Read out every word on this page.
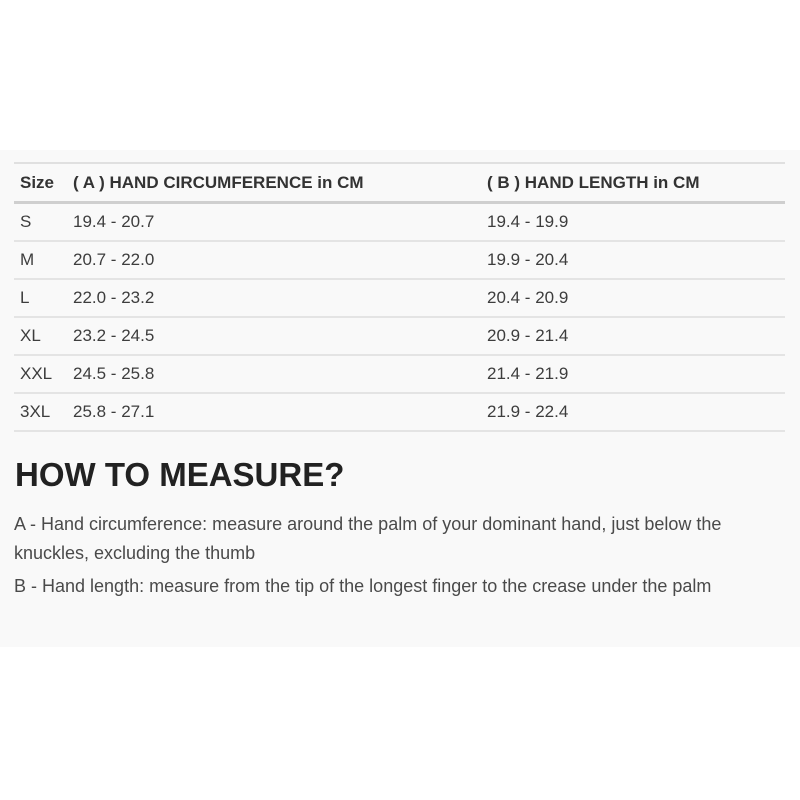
Size	( A ) HAND CIRCUMFERENCE in CM	( B ) HAND LENGTH in CM
S	19.4 - 20.7	19.4 - 19.9
M	20.7 - 22.0	19.9 - 20.4
L	22.0 - 23.2	20.4 - 20.9
XL	23.2 - 24.5	20.9 - 21.4
XXL	24.5 - 25.8	21.4 - 21.9
3XL	25.8 - 27.1	21.9 - 22.4
HOW TO MEASURE?
A - Hand circumference: measure around the palm of your dominant hand, just below the
knuckles, excluding the thumb
B - Hand length: measure from the tip of the longest finger to the crease under the palm
